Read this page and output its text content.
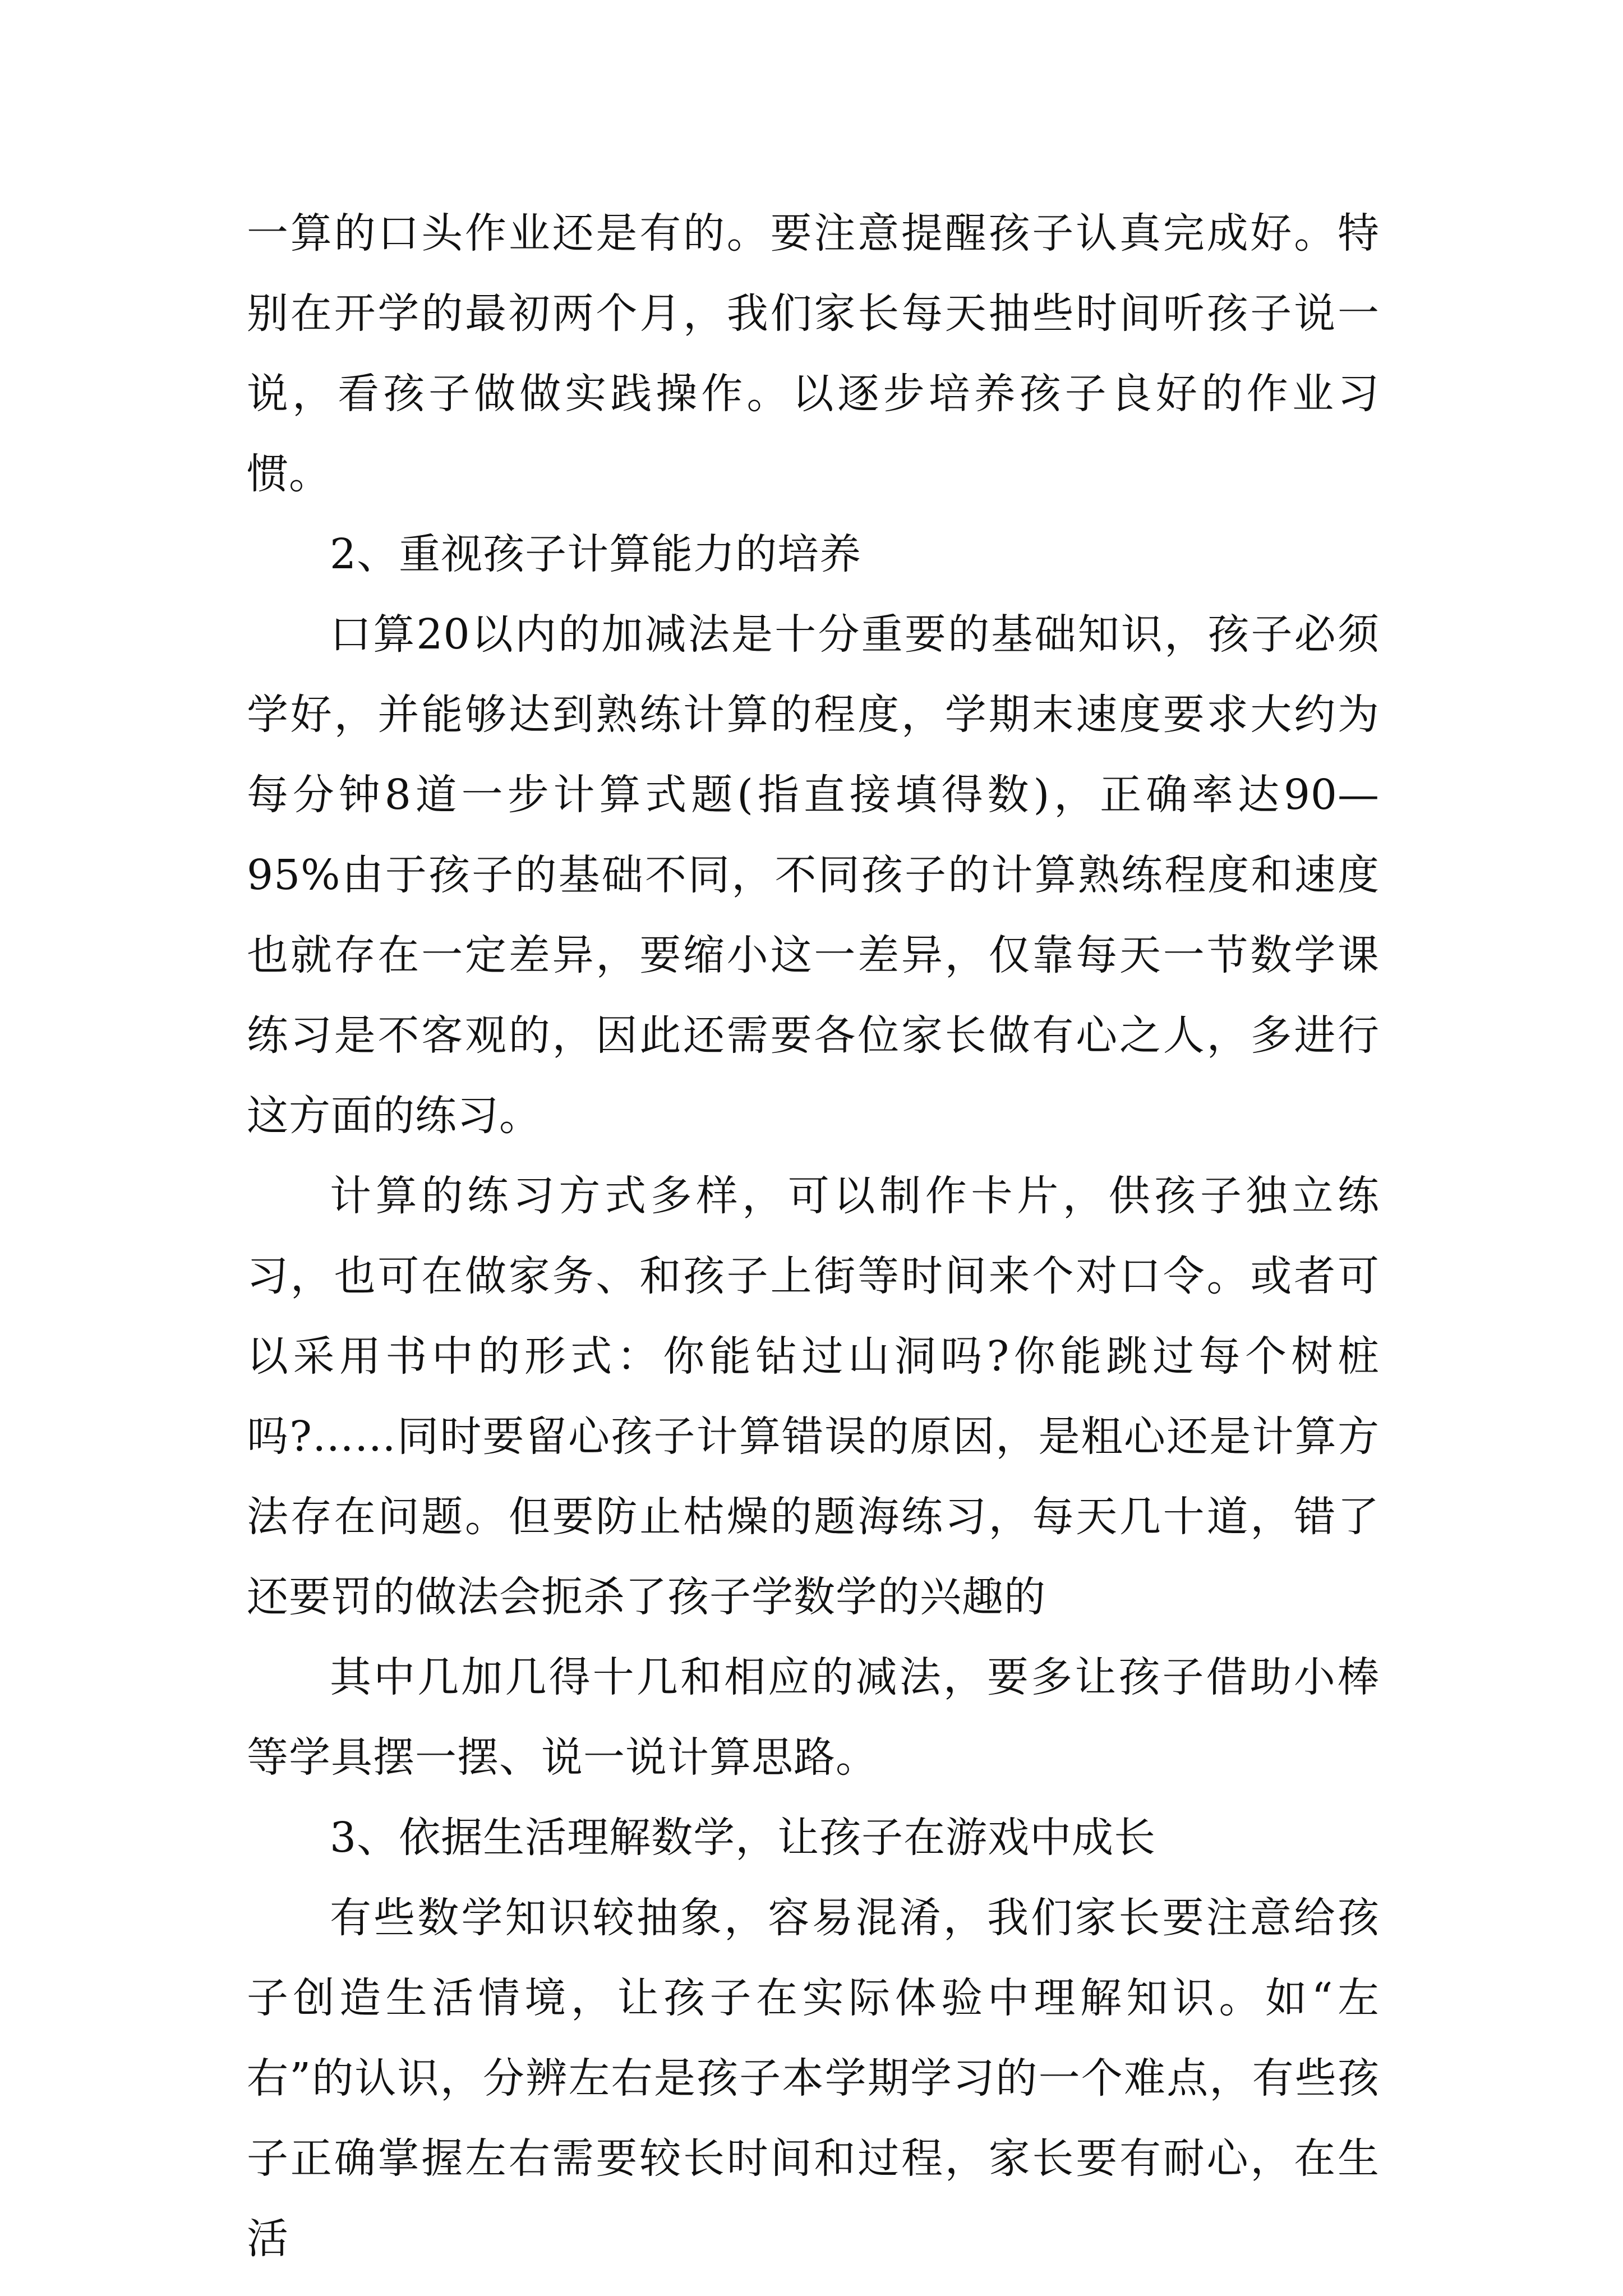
一算的口头作业还是有的。要注意提醒孩子认真完成好。特别在开学的最初两个月，我们家长每天抽些时间听孩子说一说，看孩子做做实践操作。以逐步培养孩子良好的作业习惯。

2、重视孩子计算能力的培养

口算20以内的加减法是十分重要的基础知识，孩子必须学好，并能够达到熟练计算的程度，学期末速度要求大约为每分钟8道一步计算式题(指直接填得数)，正确率达90—95%由于孩子的基础不同，不同孩子的计算熟练程度和速度也就存在一定差异，要缩小这一差异，仅靠每天一节数学课练习是不客观的，因此还需要各位家长做有心之人，多进行这方面的练习。

计算的练习方式多样，可以制作卡片，供孩子独立练习，也可在做家务、和孩子上街等时间来个对口令。或者可以采用书中的形式：你能钻过山洞吗?你能跳过每个树桩吗?……同时要留心孩子计算错误的原因，是粗心还是计算方法存在问题。但要防止枯燥的题海练习，每天几十道，错了还要罚的做法会扼杀了孩子学数学的兴趣的

其中几加几得十几和相应的减法，要多让孩子借助小棒等学具摆一摆、说一说计算思路。

3、依据生活理解数学，让孩子在游戏中成长

有些数学知识较抽象，容易混淆，我们家长要注意给孩子创造生活情境，让孩子在实际体验中理解知识。如“左右”的认识，分辨左右是孩子本学期学习的一个难点，有些孩子正确掌握左右需要较长时间和过程，家长要有耐心，在生活
